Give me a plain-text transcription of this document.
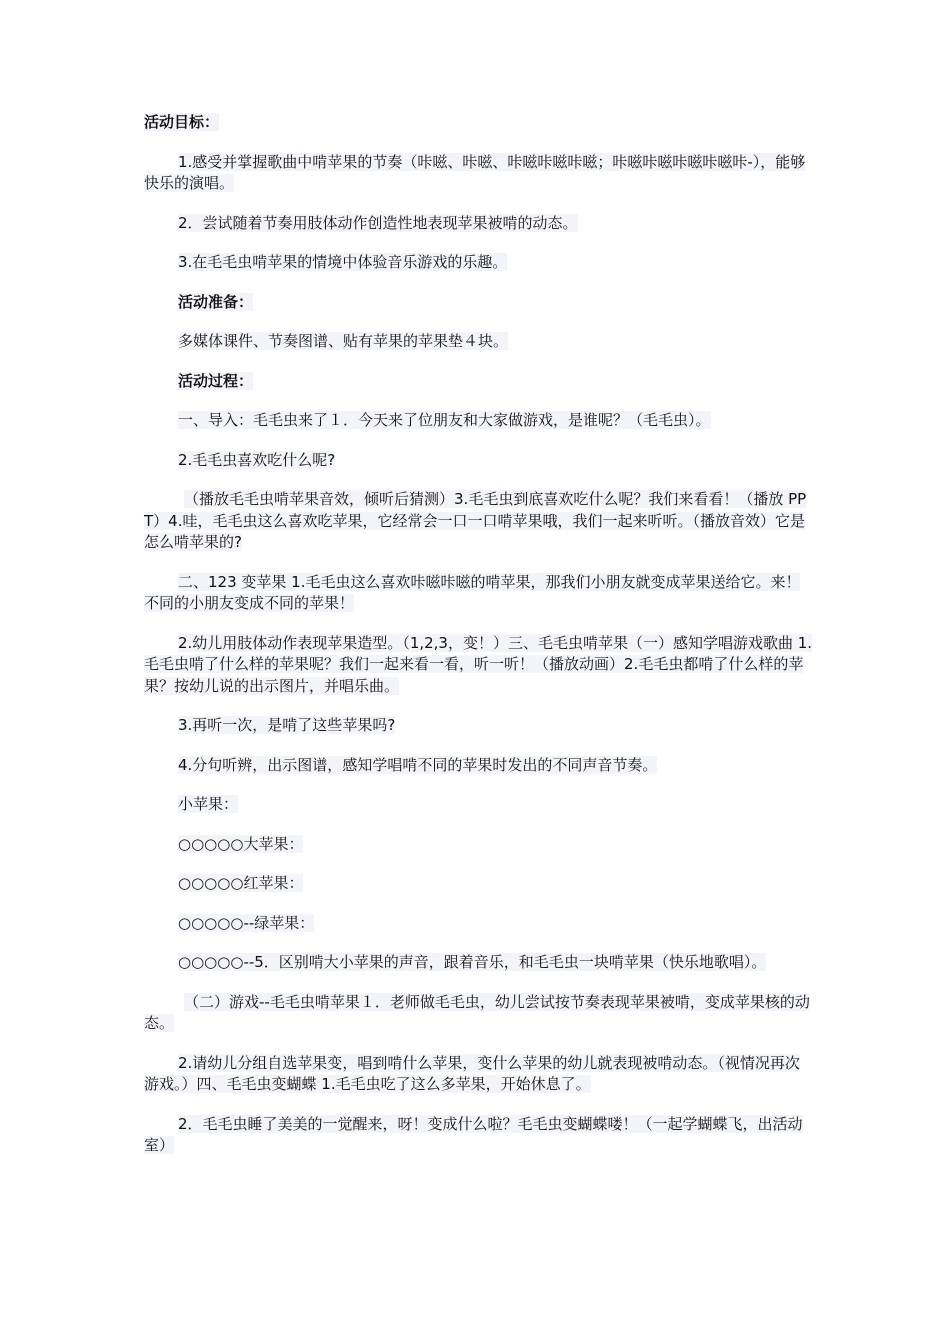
活动目标：

1.感受并掌握歌曲中啃苹果的节奏（咔嗞、咔嗞、咔嗞咔嗞咔嗞；咔嗞咔嗞咔嗞咔嗞咔-），能够快乐的演唱。

2．尝试随着节奏用肢体动作创造性地表现苹果被啃的动态。

3.在毛毛虫啃苹果的情境中体验音乐游戏的乐趣。

活动准备：

多媒体课件、节奏图谱、贴有苹果的苹果垫４块。

活动过程：

一、导入：毛毛虫来了１．今天来了位朋友和大家做游戏，是谁呢？（毛毛虫）。

2.毛毛虫喜欢吃什么呢?

（播放毛毛虫啃苹果音效，倾听后猜测）3.毛毛虫到底喜欢吃什么呢？我们来看看！（播放 PPT）4.哇，毛毛虫这么喜欢吃苹果，它经常会一口一口啃苹果哦，我们一起来听听。（播放音效）它是怎么啃苹果的?

二、123 变苹果 1.毛毛虫这么喜欢咔嗞咔嗞的啃苹果，那我们小朋友就变成苹果送给它。来！不同的小朋友变成不同的苹果！

2.幼儿用肢体动作表现苹果造型。（1,2,3，变！）三、毛毛虫啃苹果（一）感知学唱游戏歌曲 1.毛毛虫啃了什么样的苹果呢？我们一起来看一看，听一听！（播放动画）2.毛毛虫都啃了什么样的苹果？按幼儿说的出示图片，并唱乐曲。

3.再听一次，是啃了这些苹果吗?

4.分句听辨，出示图谱，感知学唱啃不同的苹果时发出的不同声音节奏。

小苹果：

○○○○○大苹果：

○○○○○红苹果：

○○○○○--绿苹果：

○○○○○--5．区别啃大小苹果的声音，跟着音乐，和毛毛虫一块啃苹果（快乐地歌唱）。

（二）游戏--毛毛虫啃苹果１．老师做毛毛虫，幼儿尝试按节奏表现苹果被啃，变成苹果核的动态。

2.请幼儿分组自选苹果变，唱到啃什么苹果，变什么苹果的幼儿就表现被啃动态。（视情况再次游戏。）四、毛毛虫变蝴蝶 1.毛毛虫吃了这么多苹果，开始休息了。

2．毛毛虫睡了美美的一觉醒来，呀！变成什么啦？毛毛虫变蝴蝶喽！（一起学蝴蝶飞，出活动室）
